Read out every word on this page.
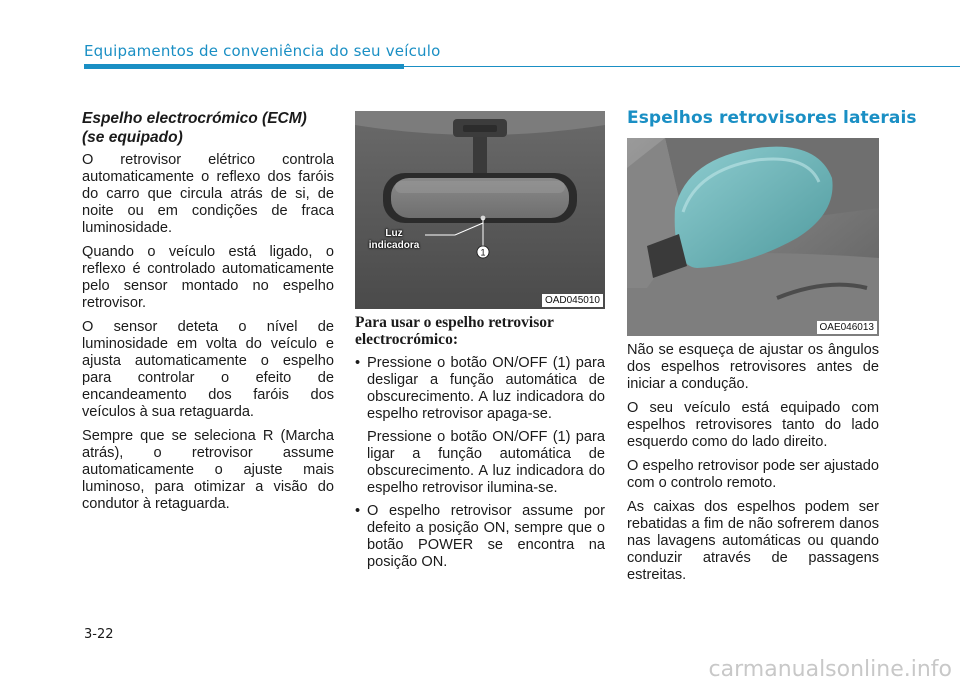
Equipamentos de conveniência do seu veículo
Espelho electrocrómico (ECM)
(se equipado)

O retrovisor elétrico controla automaticamente o reflexo dos faróis do carro que circula atrás de si, de noite ou em condições de fraca luminosidade.

Quando o veículo está ligado, o reflexo é controlado automaticamente pelo sensor montado no espelho retrovisor.

O sensor deteta o nível de luminosidade em volta do veículo e ajusta automaticamente o espelho para controlar o efeito de encandeamento dos faróis dos veículos à sua retaguarda.

Sempre que se seleciona R (Marcha atrás), o retrovisor assume automaticamente o ajuste mais luminoso, para otimizar a visão do condutor à retaguarda.

1
Luz
indicadora
OAD045010
Para usar o espelho retrovisor electrocrómico:
• Pressione o botão ON/OFF (1) para desligar a função automática de obscurecimento. A luz indicadora do espelho retrovisor apaga-se.

Pressione o botão ON/OFF (1) para ligar a função automática de obscurecimento. A luz indicadora do espelho retrovisor ilumina-se.

• O espelho retrovisor assume por defeito a posição ON, sempre que o botão POWER se encontra na posição ON.

Espelhos retrovisores laterais
OAE046013

Não se esqueça de ajustar os ângulos dos espelhos retrovisores antes de iniciar a condução.

O seu veículo está equipado com espelhos retrovisores tanto do lado esquerdo como do lado direito.

O espelho retrovisor pode ser ajustado com o controlo remoto.

As caixas dos espelhos podem ser rebatidas a fim de não sofrerem danos nas lavagens automáticas ou quando conduzir através de passagens estreitas.

3-22
carmanualsonline.info
